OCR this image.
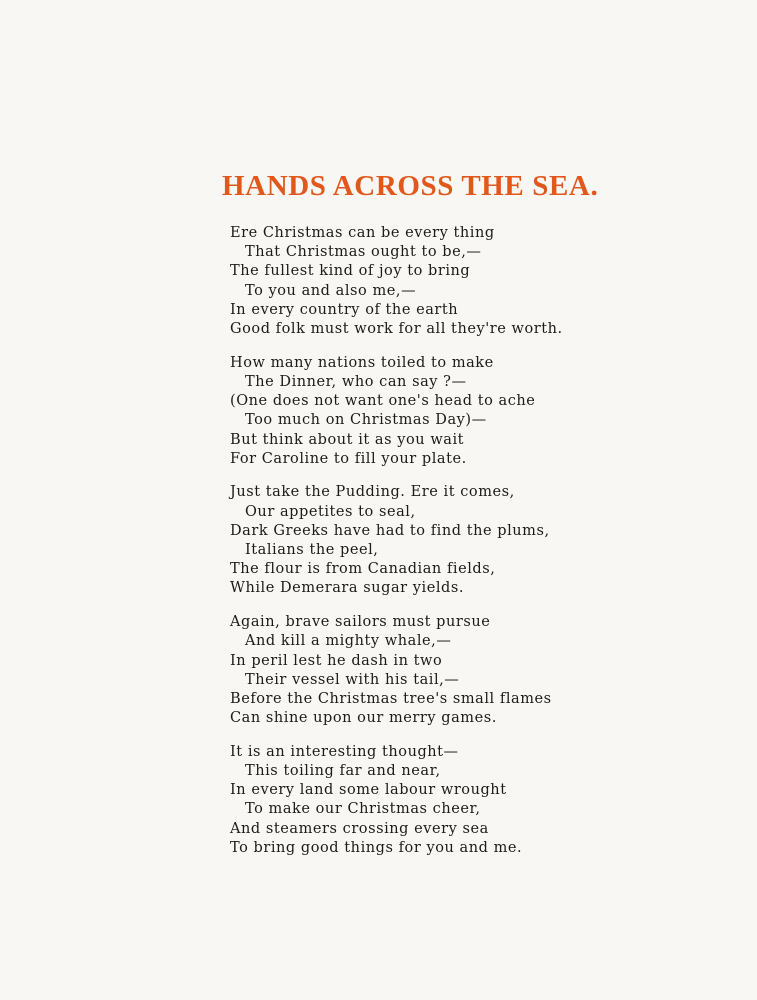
HANDS ACROSS THE SEA.
Ere Christmas can be every thing
That Christmas ought to be,—
The fullest kind of joy to bring
To you and also me,—
In every country of the earth
Good folk must work for all they're worth.
How many nations toiled to make
The Dinner, who can say ?—
(One does not want one's head to ache
Too much on Christmas Day)—
But think about it as you wait
For Caroline to fill your plate.
Just take the Pudding. Ere it comes,
Our appetites to seal,
Dark Greeks have had to find the plums,
Italians the peel,
The flour is from Canadian fields,
While Demerara sugar yields.
Again, brave sailors must pursue
And kill a mighty whale,—
In peril lest he dash in two
Their vessel with his tail,—
Before the Christmas tree's small flames
Can shine upon our merry games.
It is an interesting thought—
This toiling far and near,
In every land some labour wrought
To make our Christmas cheer,
And steamers crossing every sea
To bring good things for you and me.
